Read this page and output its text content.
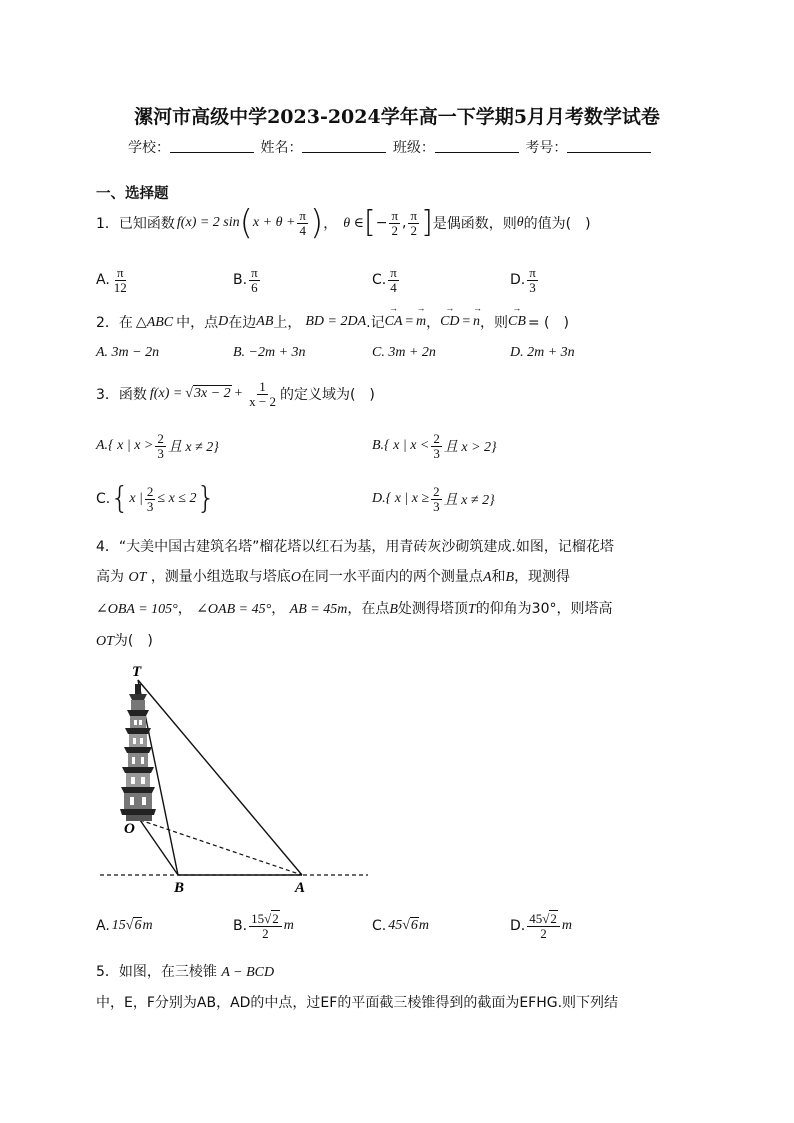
漯河市高级中学2023-2024学年高一下学期5月月考数学试卷
学校：	姓名：	班级：	考号：
一、选择题
1． 已知函数 f(x) = 2 sin ( $x + \theta + \frac{\pi}{4}$ ) ， θ ∈ [ − $\frac{\pi}{2}$ , $\frac{\pi}{2}$ ] 是偶函数，则 θ 的值为(　)
A. $\frac{\pi}{12}$	B. $\frac{\pi}{6}$	C. $\frac{\pi}{4}$	D. $\frac{\pi}{3}$
2． 在 △ABC 中，点 D 在边 AB 上， BD = 2DA .记 → CA = → m ， → CD = → n ，则 → CB = (　)
A. 3m − 2n	B. −2m + 3n	C. 3m + 2n	D. 2m + 3n
3． 函数 $f(x) = √3x - 2 + \frac{1}{x - 2}$ 的定义域为(　)
A.{ x | $x > \frac{2}{3}$ 且 x ≠ 2}	B.{ x | $x < \frac{2}{3}$ 且 x > 2}
C. { x | $\frac{2}{3} \le x \le 2$ }	D.{ x | $x \ge \frac{2}{3}$ 且 x ≠ 2}
4．“大美中国古建筑名塔”榴花塔以红石为基，用青砖灰沙砌筑建成.如图，记榴花塔
高为 OT ，测量小组选取与塔底O在同一水平面内的两个测量点A和B，现测得
∠OBA = 105°， ∠OAB = 45°， AB = 45m，在点B处测得塔顶T的仰角为30°，则塔高
OT为(　)
T
O
B	A
A. 15 √6 m	B. $\frac{15√2}{2}$ m	C. 45 √6 m	D. $\frac{45√2}{2}$ m
5．如图，在三棱锥 A − BCD
中，E，F分别为AB，AD的中点，过EF的平面截三棱锥得到的截面为EFHG.则下列结
